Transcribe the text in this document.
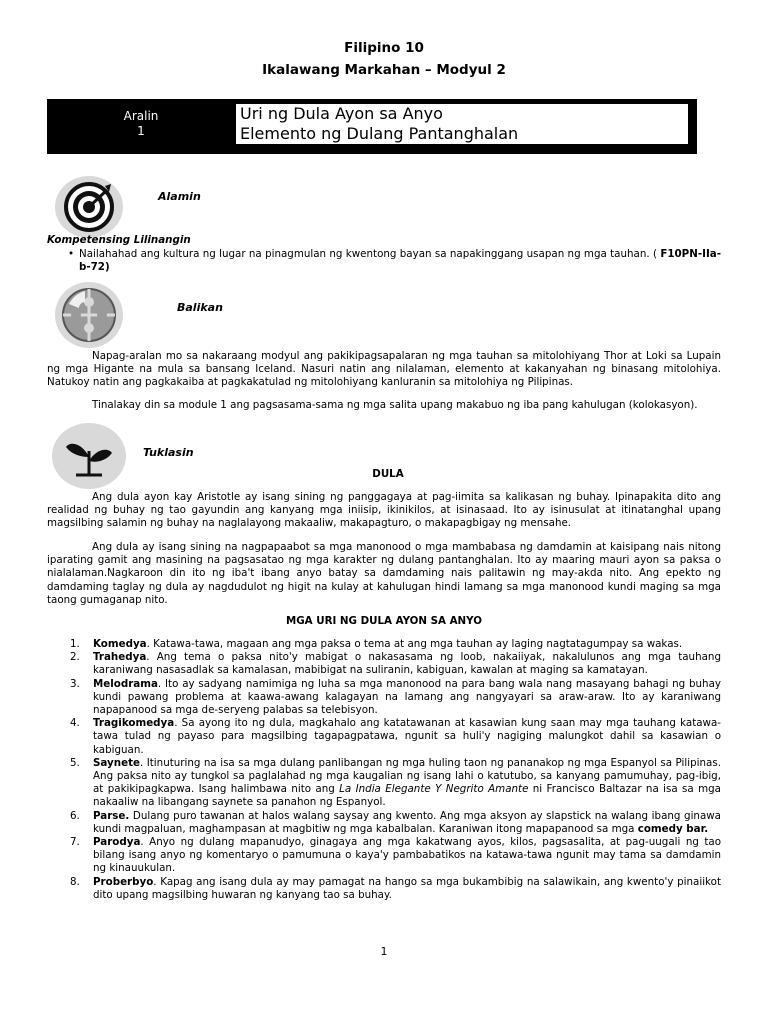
Filipino 10
Ikalawang Markahan – Modyul 2
Aralin
1
Uri ng Dula Ayon sa Anyo
Elemento ng Dulang Pantanghalan
Alamin
Kompetensing Lilinangin
• Nailahahad ang kultura ng lugar na pinagmulan ng kwentong bayan sa napakinggang usapan ng mga tauhan. ( F10PN-IIa-b-72)
Balikan

Napag-aralan mo sa nakaraang modyul ang pakikipagsapalaran ng mga tauhan sa mitolohiyang Thor at Loki sa Lupain ng mga Higante na mula sa bansang Iceland. Nasuri natin ang nilalaman, elemento at kakanyahan ng binasang mitolohiya. Natukoy natin ang pagkakaiba at pagkakatulad ng mitolohiyang kanluranin sa mitolohiya ng Pilipinas.

Tinalakay din sa module 1 ang pagsasama-sama ng mga salita upang makabuo ng iba pang kahulugan (kolokasyon).

Tuklasin
DULA

Ang dula ayon kay Aristotle ay isang sining ng panggagaya at pag-iimita sa kalikasan ng buhay. Ipinapakita dito ang realidad ng buhay ng tao gayundin ang kanyang mga iniisip, ikinikilos, at isinasaad. Ito ay isinusulat at itinatanghal upang magsilbing salamin ng buhay na naglalayong makaaliw, makapagturo, o makapagbigay ng mensahe.

Ang dula ay isang sining na nagpapaabot sa mga manonood o mga mambabasa ng damdamin at kaisipang nais nitong iparating gamit ang masining na pagsasatao ng mga karakter ng dulang pantanghalan. Ito ay maaring mauri ayon sa paksa o nialalaman.Nagkaroon din ito ng iba't ibang anyo batay sa damdaming nais palitawin ng may-akda nito. Ang epekto ng damdaming taglay ng dula ay nagdudulot ng higit na kulay at kahulugan hindi lamang sa mga manonood kundi maging sa mga taong gumaganap nito.

MGA URI NG DULA AYON SA ANYO
1. Komedya. Katawa-tawa, magaan ang mga paksa o tema at ang mga tauhan ay laging nagtatagumpay sa wakas.
2. Trahedya. Ang tema o paksa nito'y mabigat o nakasasama ng loob, nakaiiyak, nakalulunos ang mga tauhang karaniwang nasasadlak sa kamalasan, mabibigat na suliranin, kabiguan, kawalan at maging sa kamatayan.
3. Melodrama. Ito ay sadyang namimiga ng luha sa mga manonood na para bang wala nang masayang bahagi ng buhay kundi pawang problema at kaawa-awang kalagayan na lamang ang nangyayari sa araw-araw. Ito ay karaniwang napapanood sa mga de-seryeng palabas sa telebisyon.
4. Tragikomedya. Sa ayong ito ng dula, magkahalo ang katatawanan at kasawian kung saan may mga tauhang katawa-tawa tulad ng payaso para magsilbing tagapagpatawa, ngunit sa huli'y nagiging malungkot dahil sa kasawian o kabiguan.
5. Saynete. Itinuturing na isa sa mga dulang panlibangan ng mga huling taon ng pananakop ng mga Espanyol sa Pilipinas. Ang paksa nito ay tungkol sa paglalahad ng mga kaugalian ng isang lahi o katutubo, sa kanyang pamumuhay, pag-ibig, at pakikipagkapwa. Isang halimbawa nito ang La India Elegante Y Negrito Amante ni Francisco Baltazar na isa sa mga nakaaliw na libangang saynete sa panahon ng Espanyol.
6. Parse. Dulang puro tawanan at halos walang saysay ang kwento. Ang mga aksyon ay slapstick na walang ibang ginawa kundi magpaluan, maghampasan at magbitiw ng mga kabalbalan. Karaniwan itong mapapanood sa mga comedy bar.
7. Parodya. Anyo ng dulang mapanudyo, ginagaya ang mga kakatwang ayos, kilos, pagsasalita, at pag-uugali ng tao bilang isang anyo ng komentaryo o pamumuna o kaya'y pambabatikos na katawa-tawa ngunit may tama sa damdamin ng kinauukulan.
8. Proberbyo. Kapag ang isang dula ay may pamagat na hango sa mga bukambibig na salawikain, ang kwento'y pinaiikot dito upang magsilbing huwaran ng kanyang tao sa buhay.
1
